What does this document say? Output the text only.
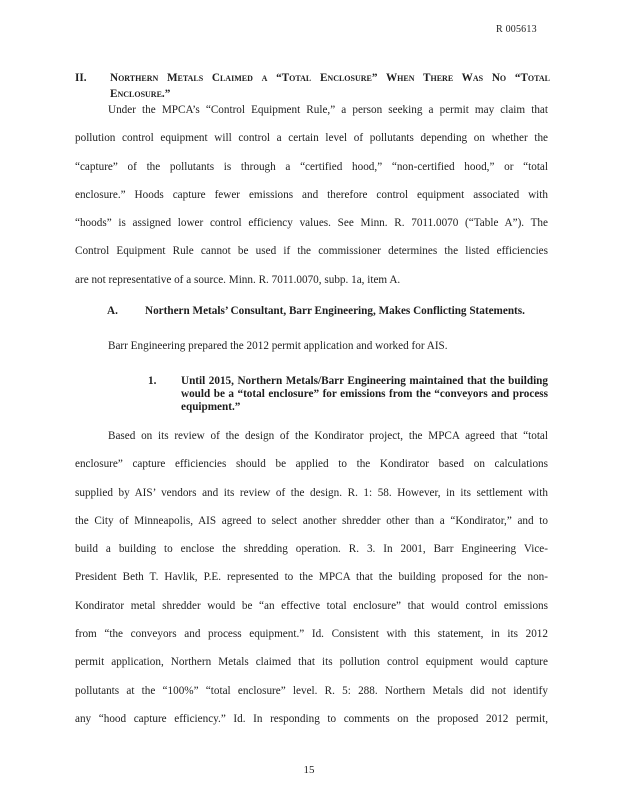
R 005613
II. Northern Metals Claimed a “Total Enclosure” When There Was No “Total Enclosure.”
Under the MPCA’s “Control Equipment Rule,” a person seeking a permit may claim that
pollution control equipment will control a certain level of pollutants depending on whether the
“capture” of the pollutants is through a “certified hood,” “non-certified hood,” or “total
enclosure.” Hoods capture fewer emissions and therefore control equipment associated with
“hoods” is assigned lower control efficiency values. See Minn. R. 7011.0070 (“Table A”). The
Control Equipment Rule cannot be used if the commissioner determines the listed efficiencies
are not representative of a source. Minn. R. 7011.0070, subp. 1a, item A.
A. Northern Metals’ Consultant, Barr Engineering, Makes Conflicting Statements.
Barr Engineering prepared the 2012 permit application and worked for AIS.
1. Until 2015, Northern Metals/Barr Engineering maintained that the building would be a “total enclosure” for emissions from the “conveyors and process equipment.”
Based on its review of the design of the Kondirator project, the MPCA agreed that “total
enclosure” capture efficiencies should be applied to the Kondirator based on calculations
supplied by AIS’ vendors and its review of the design. R. 1: 58. However, in its settlement with
the City of Minneapolis, AIS agreed to select another shredder other than a “Kondirator,” and to
build a building to enclose the shredding operation. R. 3. In 2001, Barr Engineering Vice-
President Beth T. Havlik, P.E. represented to the MPCA that the building proposed for the non-
Kondirator metal shredder would be “an effective total enclosure” that would control emissions
from “the conveyors and process equipment.” Id. Consistent with this statement, in its 2012
permit application, Northern Metals claimed that its pollution control equipment would capture
pollutants at the “100%” “total enclosure” level. R. 5: 288. Northern Metals did not identify
any “hood capture efficiency.” Id. In responding to comments on the proposed 2012 permit,
15
